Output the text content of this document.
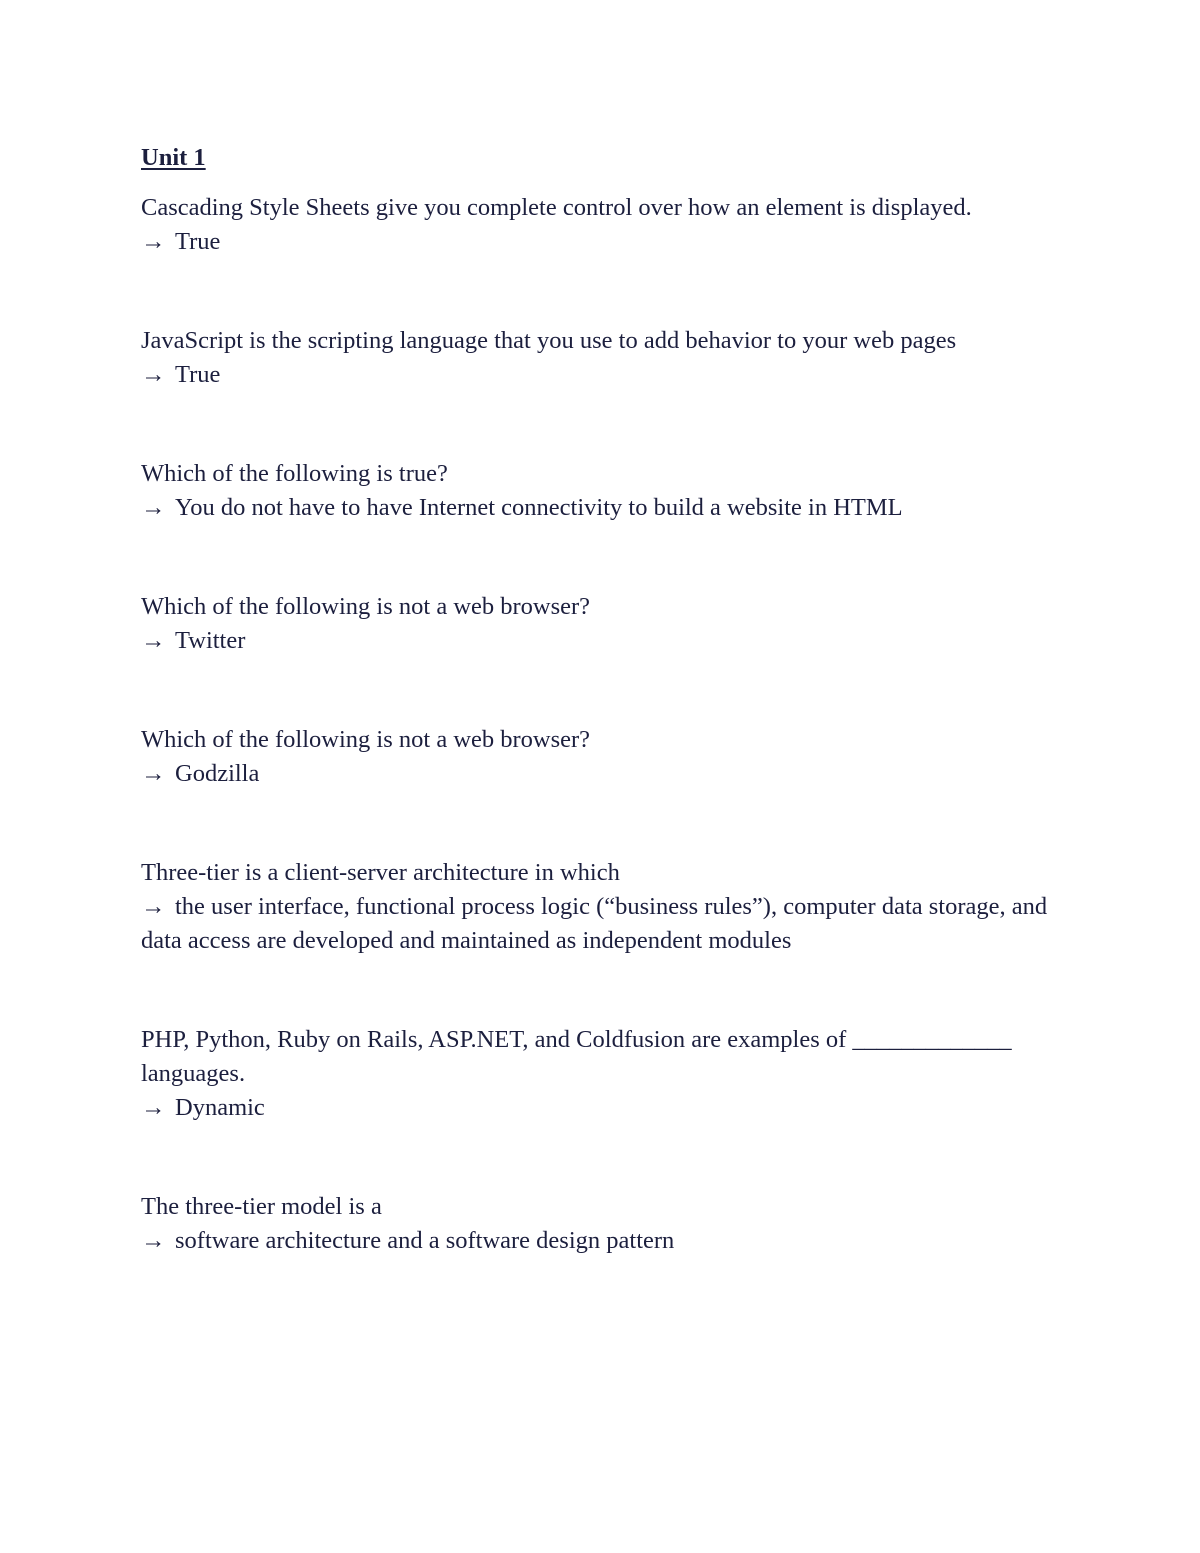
Unit 1

Cascading Style Sheets give you complete control over how an element is displayed.

→ True

JavaScript is the scripting language that you use to add behavior to your web pages

→ True

Which of the following is true?

→ You do not have to have Internet connectivity to build a website in HTML

Which of the following is not a web browser?

→ Twitter

Which of the following is not a web browser?

→ Godzilla

Three-tier is a client-server architecture in which

→ the user interface, functional process logic (“business rules”), computer data storage, and data access are developed and maintained as independent modules

PHP, Python, Ruby on Rails, ASP.NET, and Coldfusion are examples of _____________ languages.

→ Dynamic

The three-tier model is a

→ software architecture and a software design pattern
